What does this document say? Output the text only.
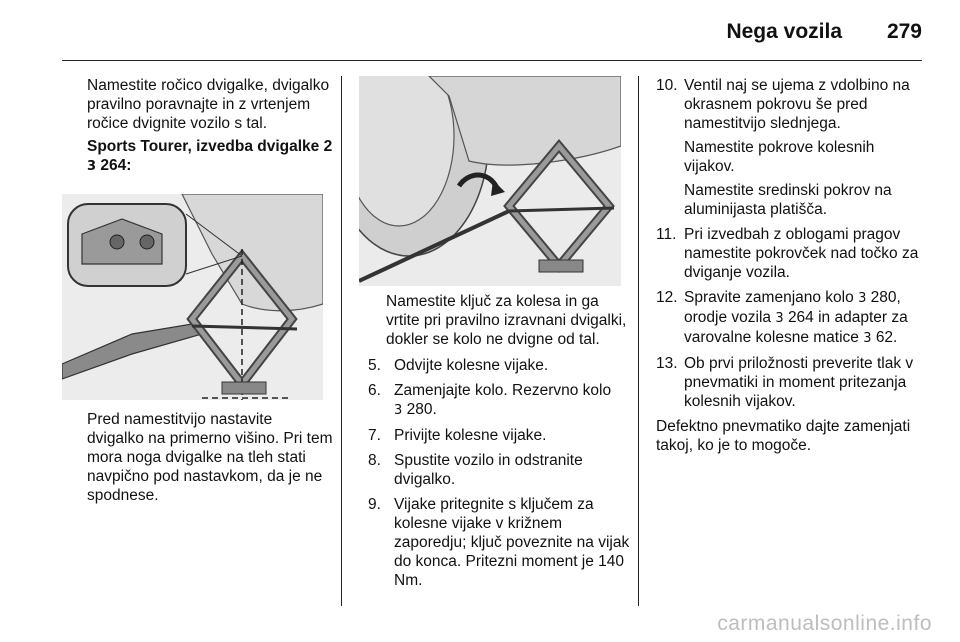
Nega vozila 279

Namestite ročico dvigalke, dvigalko pravilno poravnajte in z vrtenjem ročice dvignite vozilo s tal.

Sports Tourer, izvedba dvigalke 2 3 264:

Pred namestitvijo nastavite dvigalko na primerno višino. Pri tem mora noga dvigalke na tleh stati navpično pod nastavkom, da je ne spodnese.

Namestite ključ za kolesa in ga vrtite pri pravilno izravnani dvigalki, dokler se kolo ne dvigne od tal.

5. Odvijte kolesne vijake.
6. Zamenjajte kolo. Rezervno kolo
3 280.
7. Privijte kolesne vijake.
8. Spustite vozilo in odstranite dvigalko.
9. Vijake pritegnite s ključem za kolesne vijake v križnem zaporedju; ključ poveznite na vijak do konca. Pritezni moment je 140 Nm.
10. Ventil naj se ujema z vdolbino na okrasnem pokrovu še pred namestitvijo slednjega.
Namestite pokrove kolesnih vijakov.
Namestite sredinski pokrov na aluminijasta platišča.
11. Pri izvedbah z oblogami pragov namestite pokrovček nad točko za dviganje vozila.
12. Spravite zamenjano kolo 3 280, orodje vozila 3 264 in adapter za varovalne kolesne matice 3 62.
13. Ob prvi priložnosti preverite tlak v pnevmatiki in moment pritezanja kolesnih vijakov.

Defektno pnevmatiko dajte zamenjati takoj, ko je to mogoče.

carmanualsonline.info
